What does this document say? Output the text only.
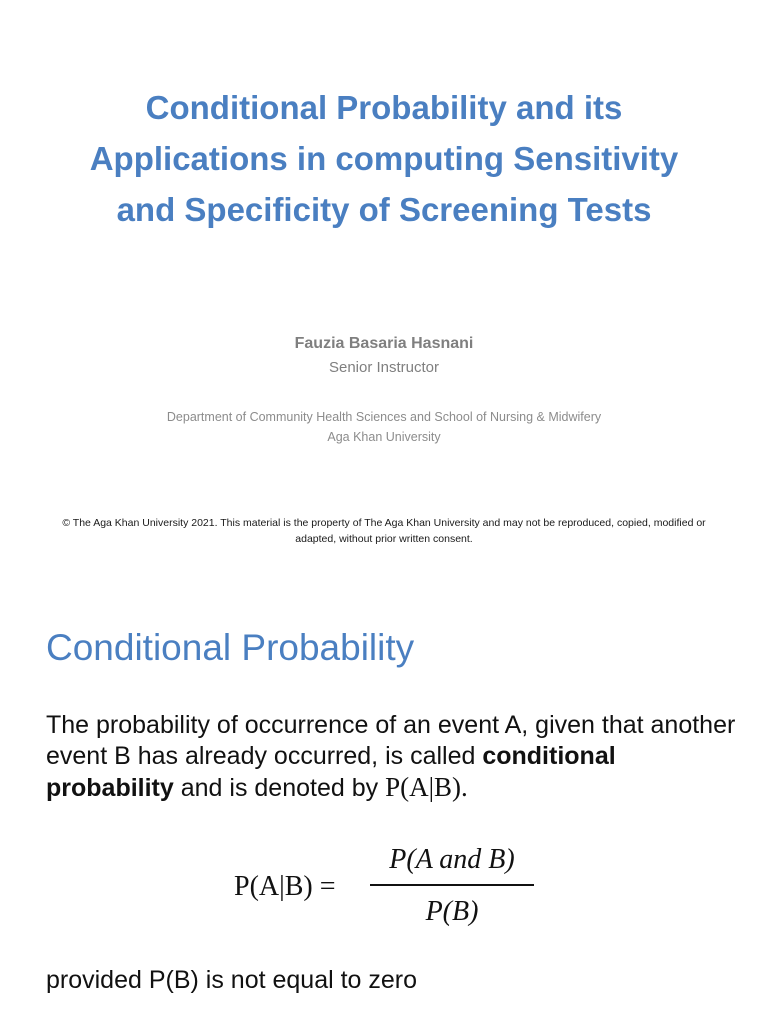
Conditional Probability and its Applications in computing Sensitivity and Specificity of Screening Tests
Fauzia Basaria Hasnani
Senior Instructor
Department of Community Health Sciences and School of Nursing & Midwifery
Aga Khan University
© The Aga Khan University 2021. This material is the property of The Aga Khan University and may not be reproduced, copied, modified or adapted, without prior written consent.
Conditional Probability
The probability of occurrence of an event A, given that another event B has already occurred, is called conditional probability and is denoted by P(A|B).
P(A|B) =
P(A and B)
P(B)
provided P(B) is not equal to zero
